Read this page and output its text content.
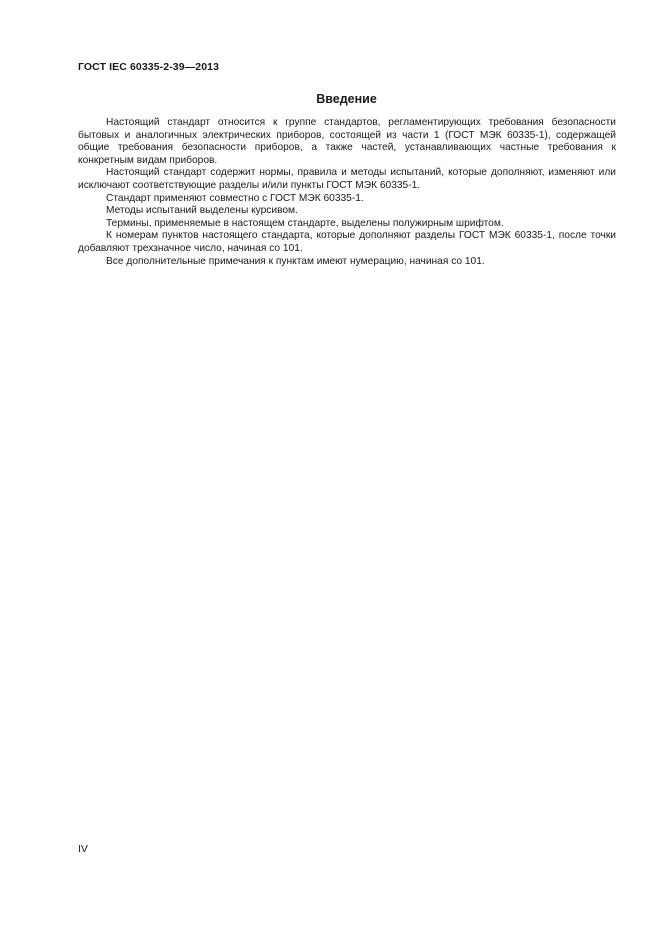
ГОСТ IEC 60335-2-39—2013
Введение

Настоящий стандарт относится к группе стандартов, регламентирующих требования безопасности бытовых и аналогичных электрических приборов, состоящей из части 1 (ГОСТ МЭК 60335-1), содержащей общие требования безопасности приборов, а также частей, устанавливающих частные требования к конкретным видам приборов.

Настоящий стандарт содержит нормы, правила и методы испытаний, которые дополняют, изменяют или исключают соответствующие разделы и/или пункты ГОСТ МЭК 60335-1.

Стандарт применяют совместно с ГОСТ МЭК 60335-1.

Методы испытаний выделены курсивом.

Термины, применяемые в настоящем стандарте, выделены полужирным шрифтом.

К номерам пунктов настоящего стандарта, которые дополняют разделы ГОСТ МЭК 60335-1, после точки добавляют трехзначное число, начиная со 101.

Все дополнительные примечания к пунктам имеют нумерацию, начиная со 101.

IV
